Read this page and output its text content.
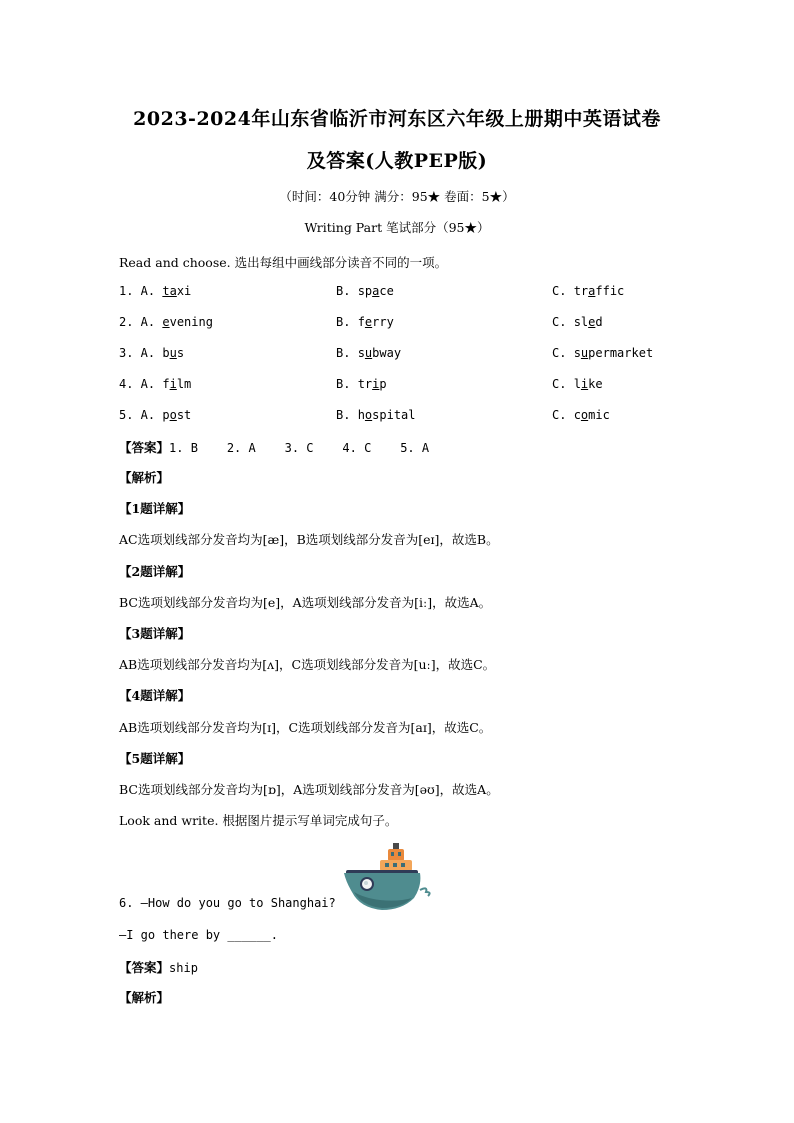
2023-2024年山东省临沂市河东区六年级上册期中英语试卷
及答案(人教PEP版)
（时间：40分钟 满分：95★ 卷面：5★）
Writing Part 笔试部分（95★）
Read and choose. 选出每组中画线部分读音不同的一项。
1. A. taxi	B. space	C. traffic
2. A. evening	B. ferry	C. sled
3. A. bus	B. subway	C. supermarket
4. A. film	B. trip	C. like
5. A. post	B. hospital	C. comic
【答案】1. B    2. A    3. C    4. C    5. A
【解析】
【1题详解】
AC选项划线部分发音均为[æ]，B选项划线部分发音为[eɪ]，故选B。
【2题详解】
BC选项划线部分发音均为[e]，A选项划线部分发音为[iː]，故选A。
【3题详解】
AB选项划线部分发音均为[ʌ]，C选项划线部分发音为[uː]，故选C。
【4题详解】
AB选项划线部分发音均为[ɪ]，C选项划线部分发音为[aɪ]，故选C。
【5题详解】
BC选项划线部分发音均为[ɒ]，A选项划线部分发音为[əʊ]，故选A。
Look and write. 根据图片提示写单词完成句子。
6. —How do you go to Shanghai?
—I go there by ______.
【答案】ship
【解析】
